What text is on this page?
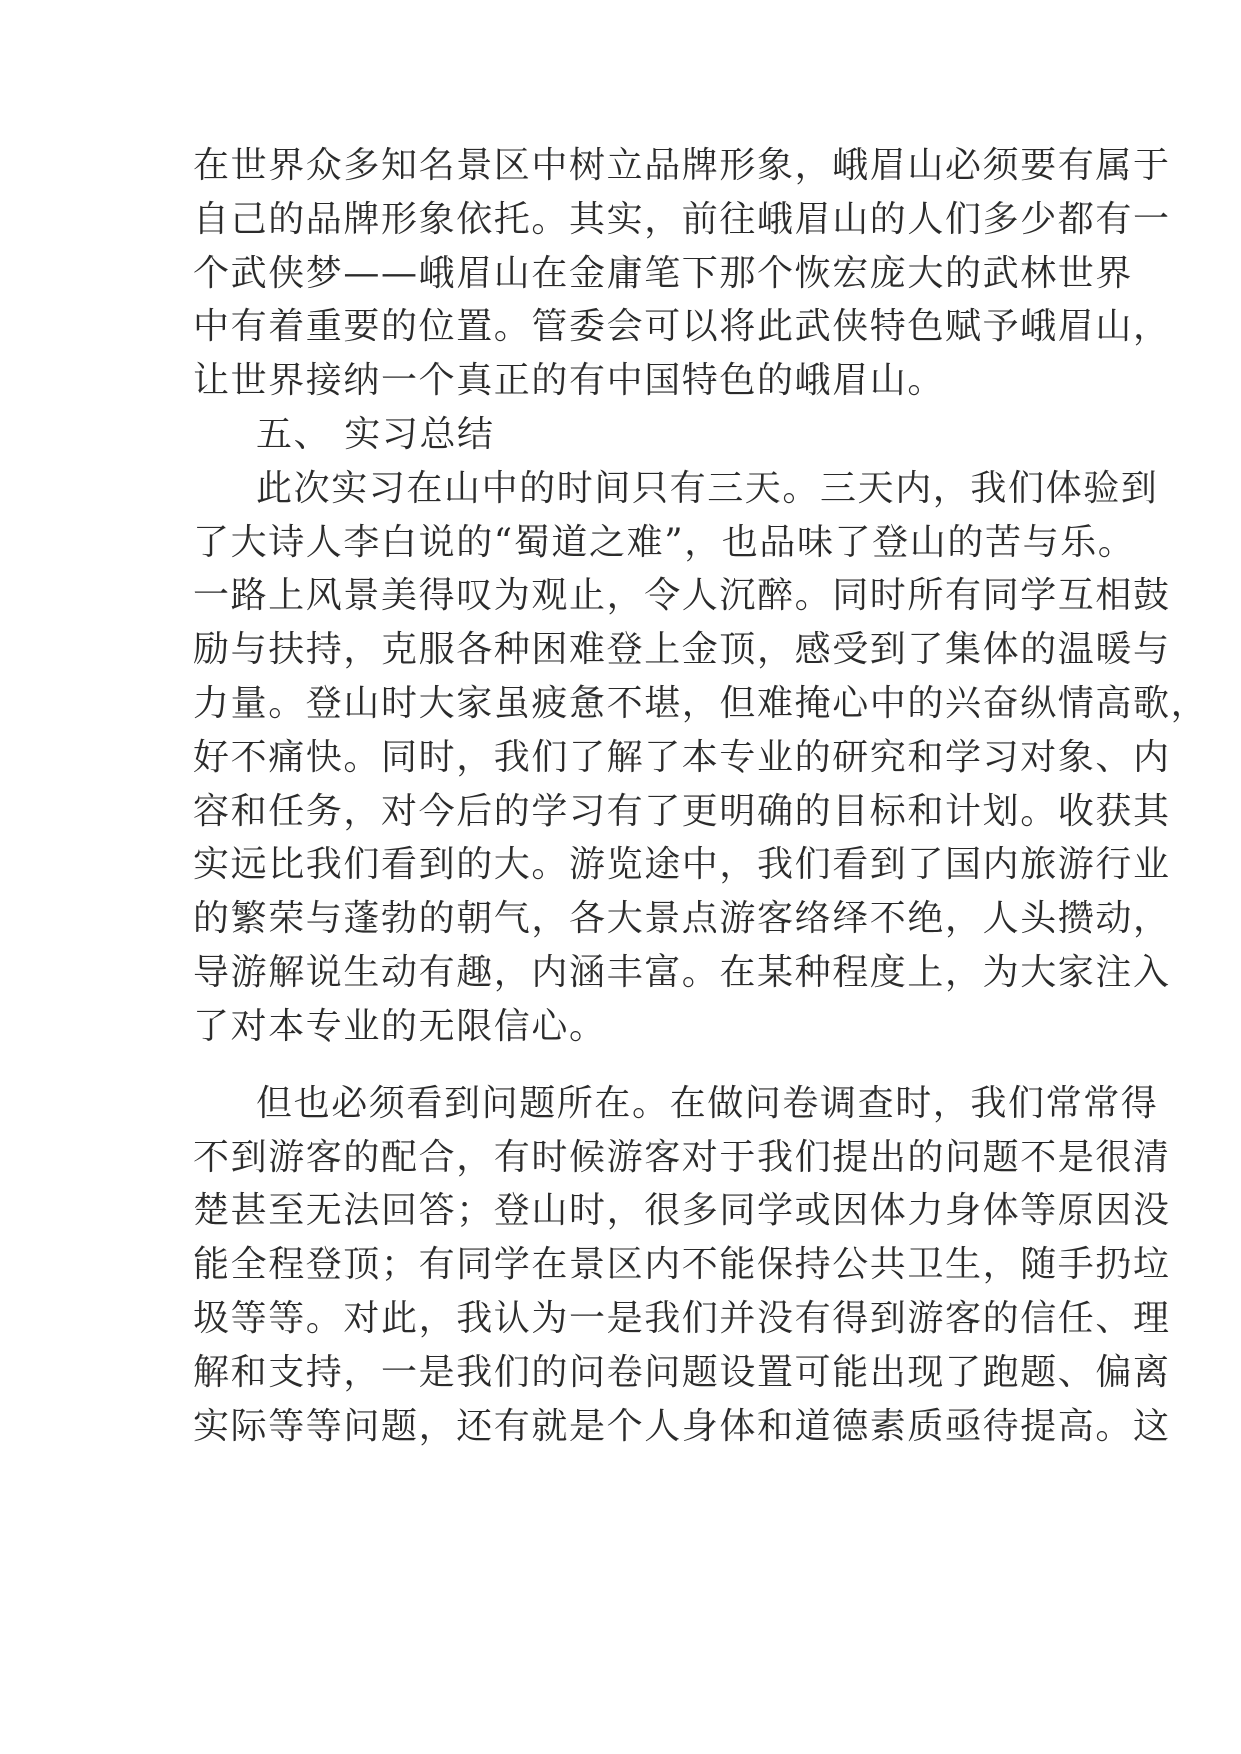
在世界众多知名景区中树立品牌形象，峨眉山必须要有属于
自己的品牌形象依托。其实，前往峨眉山的人们多少都有一
个武侠梦——峨眉山在金庸笔下那个恢宏庞大的武林世界
中有着重要的位置。管委会可以将此武侠特色赋予峨眉山，
让世界接纳一个真正的有中国特色的峨眉山。
五、 实习总结
此次实习在山中的时间只有三天。三天内，我们体验到
了大诗人李白说的“蜀道之难”，也品味了登山的苦与乐。
一路上风景美得叹为观止，令人沉醉。同时所有同学互相鼓
励与扶持，克服各种困难登上金顶，感受到了集体的温暖与
力量。登山时大家虽疲惫不堪，但难掩心中的兴奋纵情高歌，
好不痛快。同时，我们了解了本专业的研究和学习对象、内
容和任务，对今后的学习有了更明确的目标和计划。收获其
实远比我们看到的大。游览途中，我们看到了国内旅游行业
的繁荣与蓬勃的朝气，各大景点游客络绎不绝，人头攒动，
导游解说生动有趣，内涵丰富。在某种程度上，为大家注入
了对本专业的无限信心。
但也必须看到问题所在。在做问卷调查时，我们常常得
不到游客的配合，有时候游客对于我们提出的问题不是很清
楚甚至无法回答；登山时，很多同学或因体力身体等原因没
能全程登顶；有同学在景区内不能保持公共卫生，随手扔垃
圾等等。对此，我认为一是我们并没有得到游客的信任、理
解和支持，一是我们的问卷问题设置可能出现了跑题、偏离
实际等等问题，还有就是个人身体和道德素质亟待提高。这
